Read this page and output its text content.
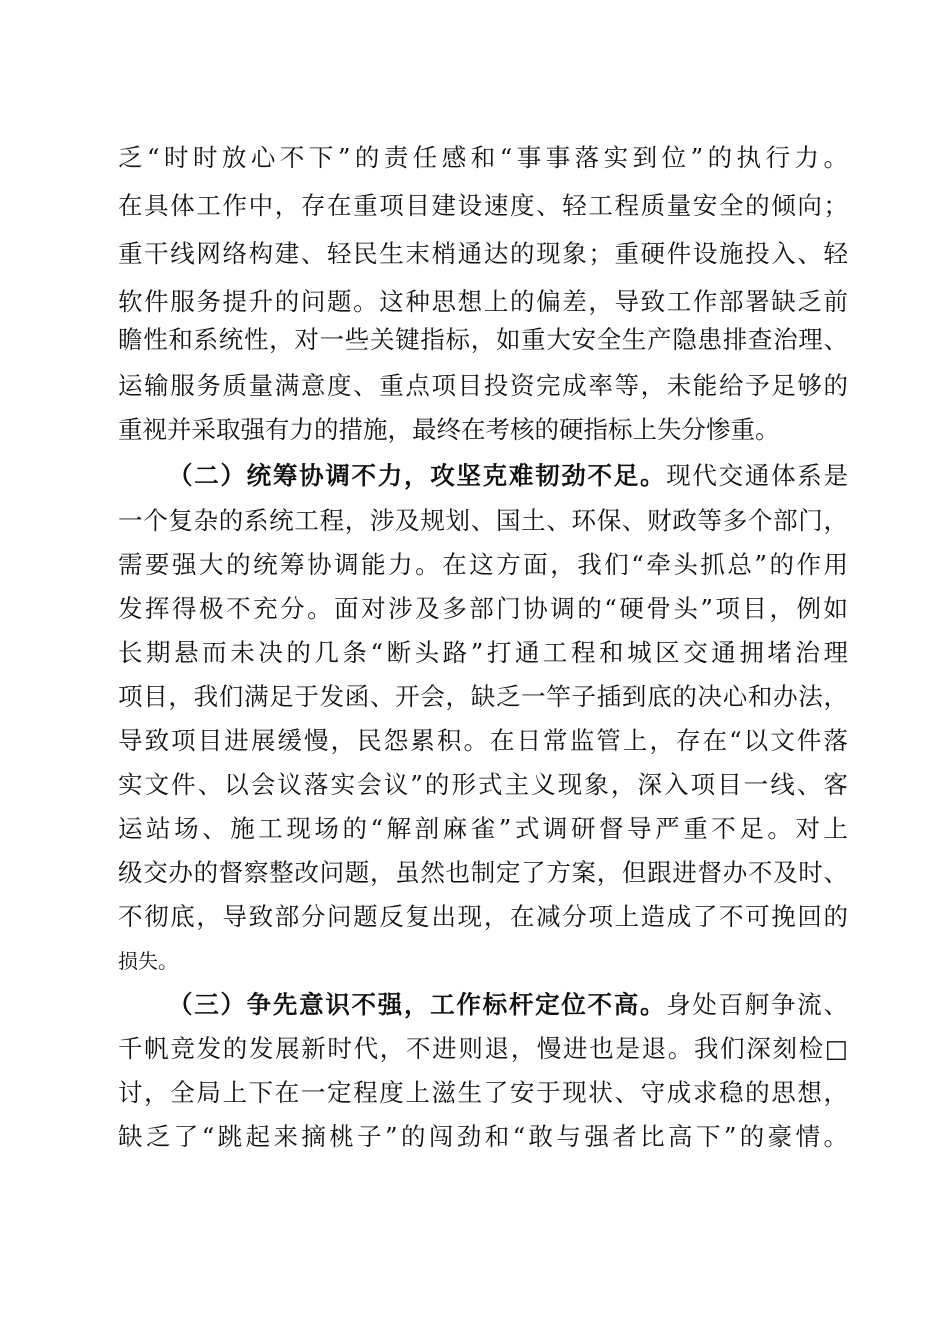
乏“时时放心不下”的责任感和“事事落实到位”的执行力。
在具体工作中，存在重项目建设速度、轻工程质量安全的倾向；
重干线网络构建、轻民生末梢通达的现象；重硬件设施投入、轻
软件服务提升的问题。这种思想上的偏差，导致工作部署缺乏前
瞻性和系统性，对一些关键指标，如重大安全生产隐患排查治理、
运输服务质量满意度、重点项目投资完成率等，未能给予足够的
重视并采取强有力的措施，最终在考核的硬指标上失分惨重。
（二）统筹协调不力，攻坚克难韧劲不足。现代交通体系是
一个复杂的系统工程，涉及规划、国土、环保、财政等多个部门，
需要强大的统筹协调能力。在这方面，我们“牵头抓总”的作用
发挥得极不充分。面对涉及多部门协调的“硬骨头”项目，例如
长期悬而未决的几条“断头路”打通工程和城区交通拥堵治理
项目，我们满足于发函、开会，缺乏一竿子插到底的决心和办法，
导致项目进展缓慢，民怨累积。在日常监管上，存在“以文件落
实文件、以会议落实会议”的形式主义现象，深入项目一线、客
运站场、施工现场的“解剖麻雀”式调研督导严重不足。对上
级交办的督察整改问题，虽然也制定了方案，但跟进督办不及时、
不彻底，导致部分问题反复出现，在减分项上造成了不可挽回的
损失。
（三）争先意识不强，工作标杆定位不高。身处百舸争流、
千帆竞发的发展新时代，不进则退，慢进也是退。我们深刻检□
讨，全局上下在一定程度上滋生了安于现状、守成求稳的思想，
缺乏了“跳起来摘桃子”的闯劲和“敢与强者比高下”的豪情。
